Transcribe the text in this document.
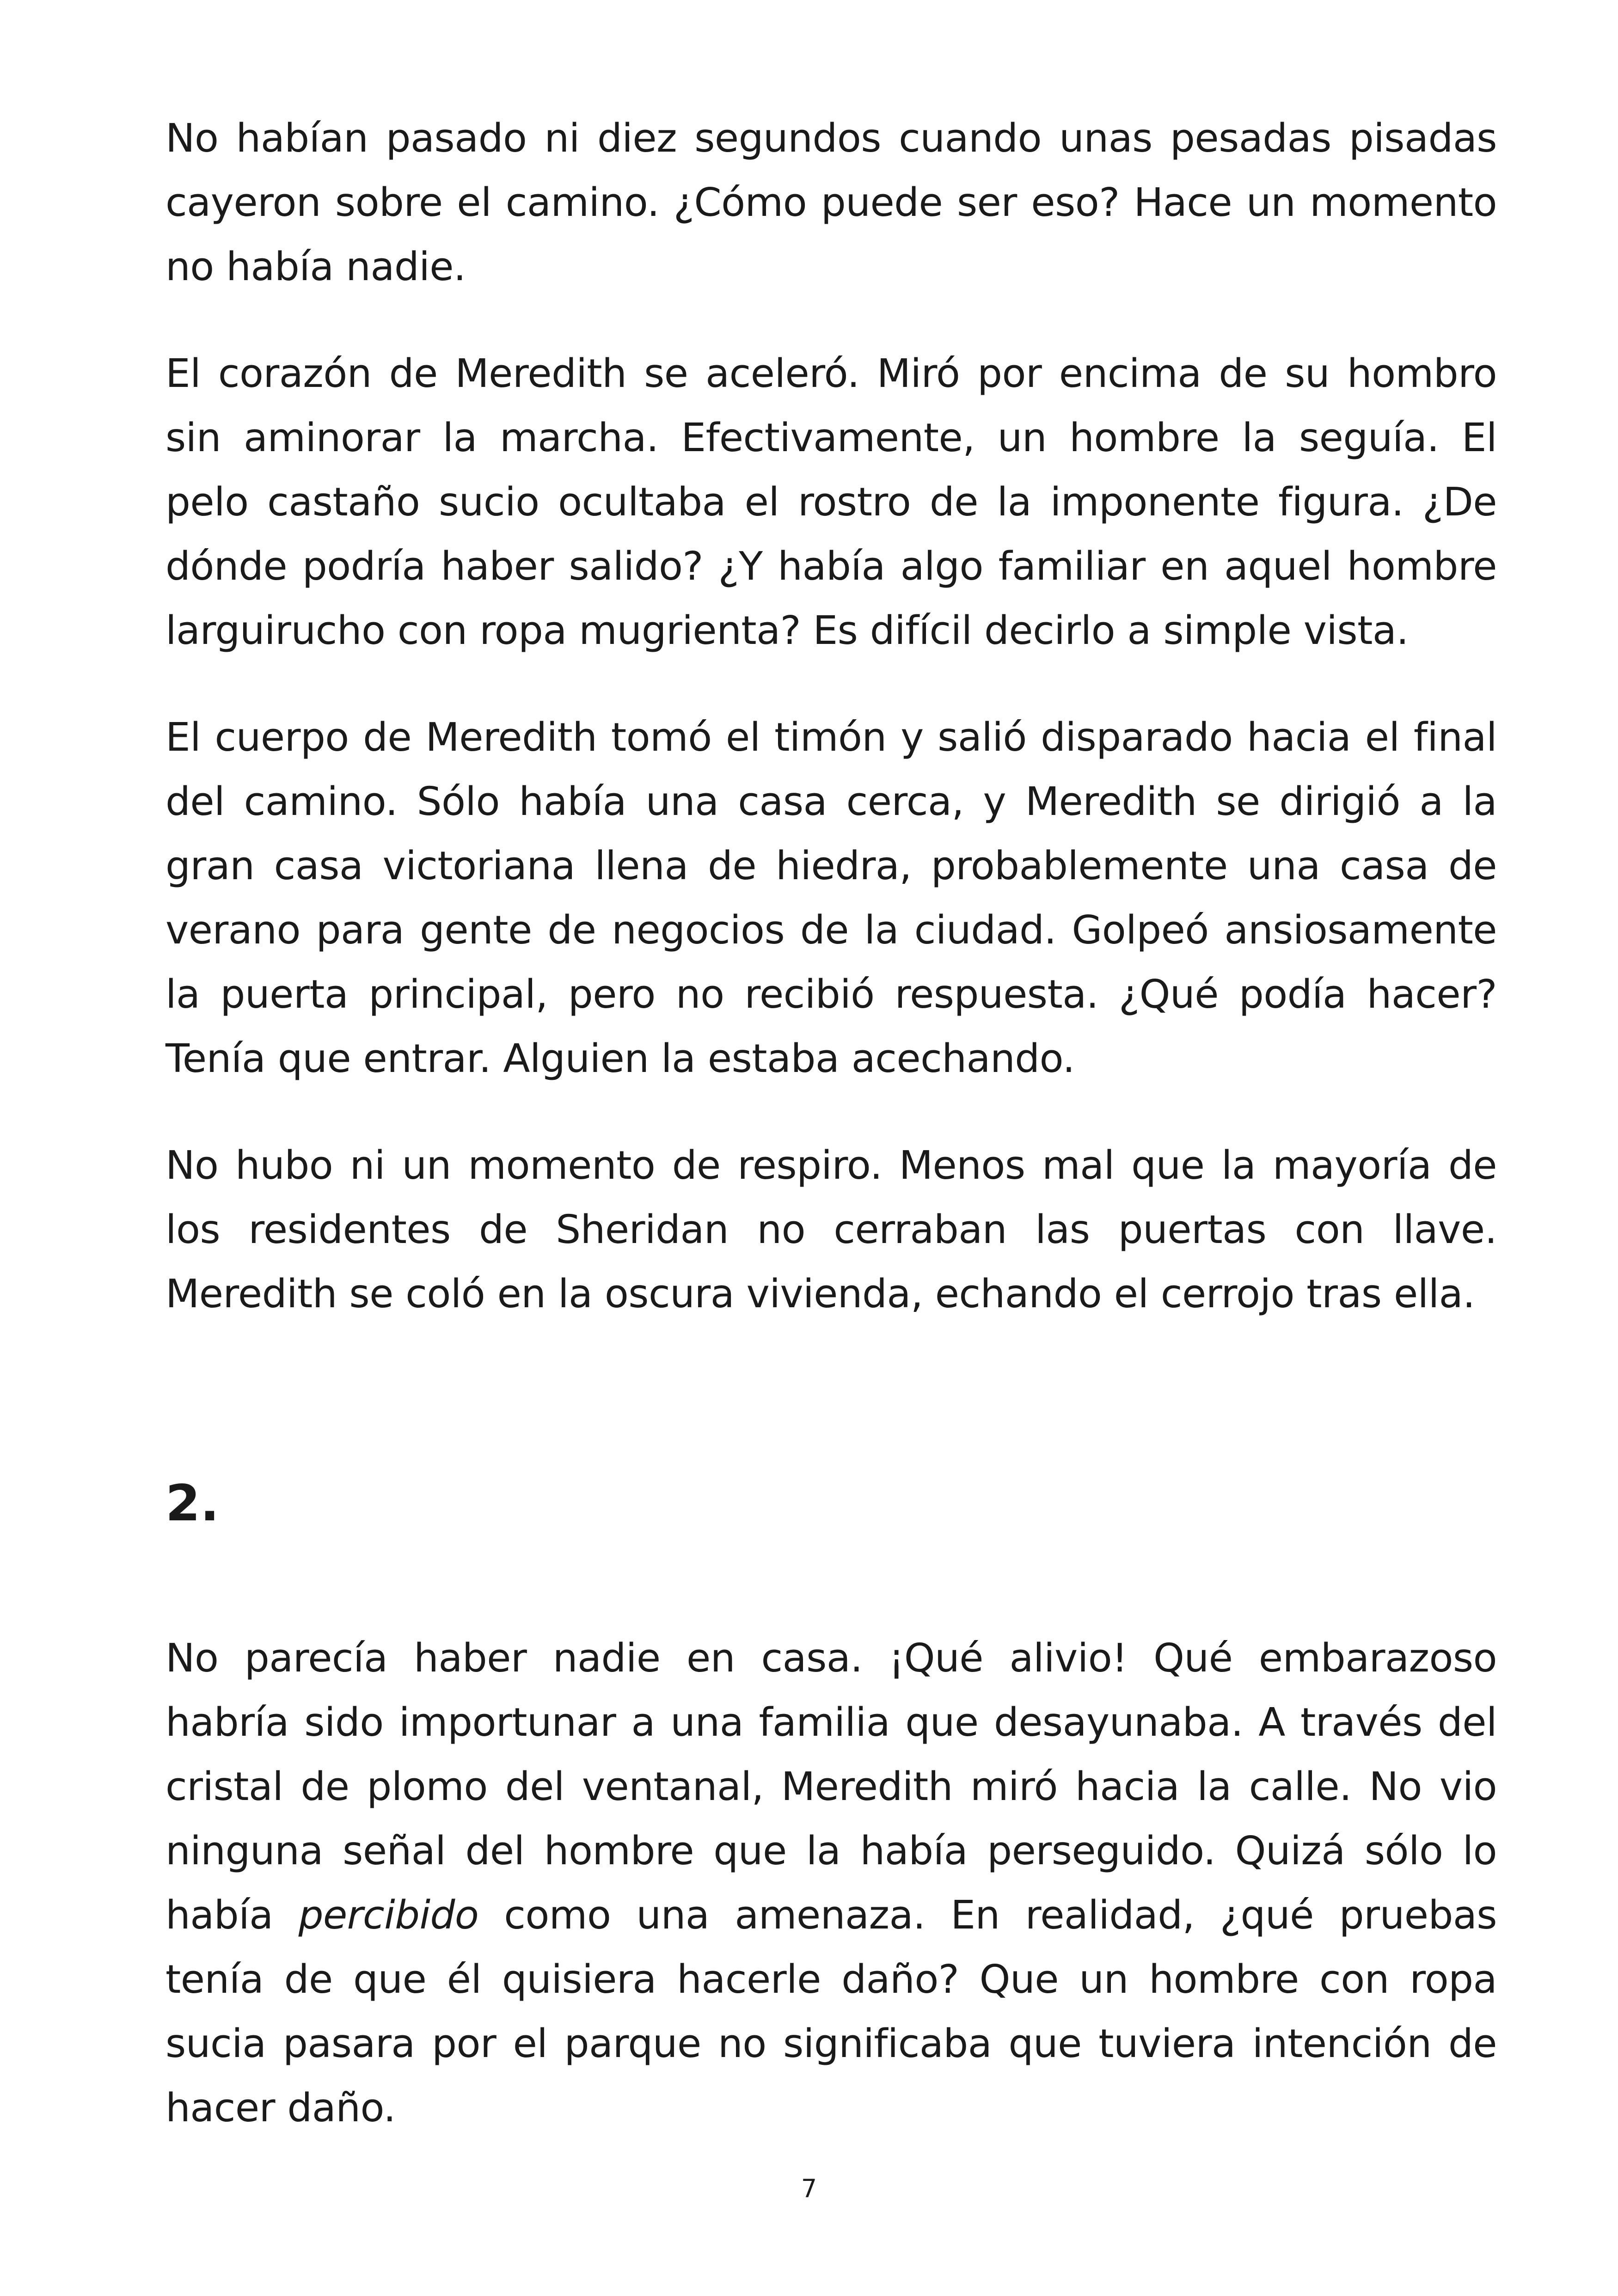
No habían pasado ni diez segundos cuando unas pesadas pisadas cayeron sobre el camino. ¿Cómo puede ser eso? Hace un momento no había nadie.

El corazón de Meredith se aceleró. Miró por encima de su hombro sin aminorar la marcha. Efectivamente, un hombre la seguía. El pelo castaño sucio ocultaba el rostro de la imponente figura. ¿De dónde podría haber salido? ¿Y había algo familiar en aquel hombre larguirucho con ropa mugrienta? Es difícil decirlo a simple vista.

El cuerpo de Meredith tomó el timón y salió disparado hacia el final del camino. Sólo había una casa cerca, y Meredith se dirigió a la gran casa victoriana llena de hiedra, probablemente una casa de verano para gente de negocios de la ciudad. Golpeó ansiosamente la puerta principal, pero no recibió respuesta. ¿Qué podía hacer? Tenía que entrar. Alguien la estaba acechando.

No hubo ni un momento de respiro. Menos mal que la mayoría de los residentes de Sheridan no cerraban las puertas con llave. Meredith se coló en la oscura vivienda, echando el cerrojo tras ella.

2.

No parecía haber nadie en casa. ¡Qué alivio! Qué embarazoso habría sido importunar a una familia que desayunaba. A través del cristal de plomo del ventanal, Meredith miró hacia la calle. No vio ninguna señal del hombre que la había perseguido. Quizá sólo lo había percibido como una amenaza. En realidad, ¿qué pruebas tenía de que él quisiera hacerle daño? Que un hombre con ropa sucia pasara por el parque no significaba que tuviera intención de hacer daño.

7
